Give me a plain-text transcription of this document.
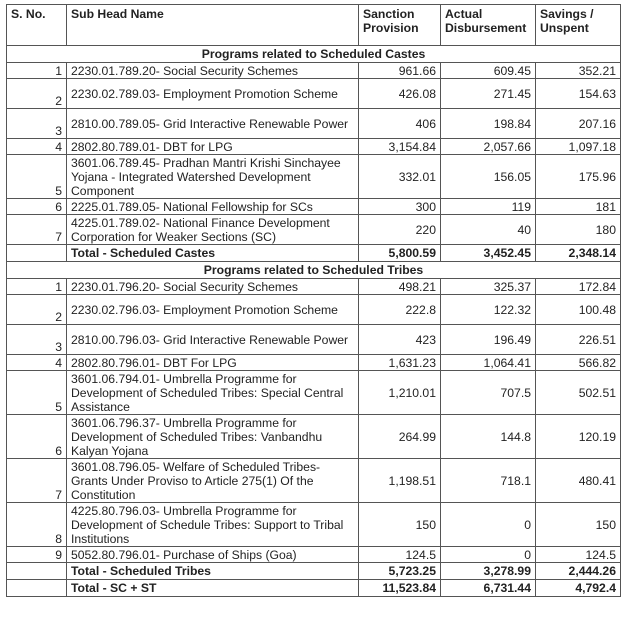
S. No.	Sub Head Name	Sanction Provision	Actual Disbursement	Savings / Unspent
Programs related to Scheduled Castes				
1	2230.01.789.20- Social Security Schemes	961.66	609.45	352.21
2	2230.02.789.03- Employment Promotion Scheme	426.08	271.45	154.63
3	2810.00.789.05- Grid Interactive Renewable Power	406	198.84	207.16
4	2802.80.789.01- DBT for LPG	3,154.84	2,057.66	1,097.18
5	3601.06.789.45- Pradhan Mantri Krishi Sinchayee Yojana - Integrated Watershed Development Component	332.01	156.05	175.96
6	2225.01.789.05- National Fellowship for SCs	300	119	181
7	4225.01.789.02- National Finance Development Corporation for Weaker Sections (SC)	220	40	180
	Total - Scheduled Castes	5,800.59	3,452.45	2,348.14
Programs related to Scheduled Tribes				
1	2230.01.796.20- Social Security Schemes	498.21	325.37	172.84
2	2230.02.796.03- Employment Promotion Scheme	222.8	122.32	100.48
3	2810.00.796.03- Grid Interactive Renewable Power	423	196.49	226.51
4	2802.80.796.01- DBT For LPG	1,631.23	1,064.41	566.82
5	3601.06.794.01- Umbrella Programme for Development of Scheduled Tribes: Special Central Assistance	1,210.01	707.5	502.51
6	3601.06.796.37- Umbrella Programme for Development of Scheduled Tribes: Vanbandhu Kalyan Yojana	264.99	144.8	120.19
7	3601.08.796.05- Welfare of Scheduled Tribes- Grants Under Proviso to Article 275(1) Of the Constitution	1,198.51	718.1	480.41
8	4225.80.796.03- Umbrella Programme for Development of Schedule Tribes: Support to Tribal Institutions	150	0	150
9	5052.80.796.01- Purchase of Ships (Goa)	124.5	0	124.5
	Total - Scheduled Tribes	5,723.25	3,278.99	2,444.26
	Total - SC + ST	11,523.84	6,731.44	4,792.4
